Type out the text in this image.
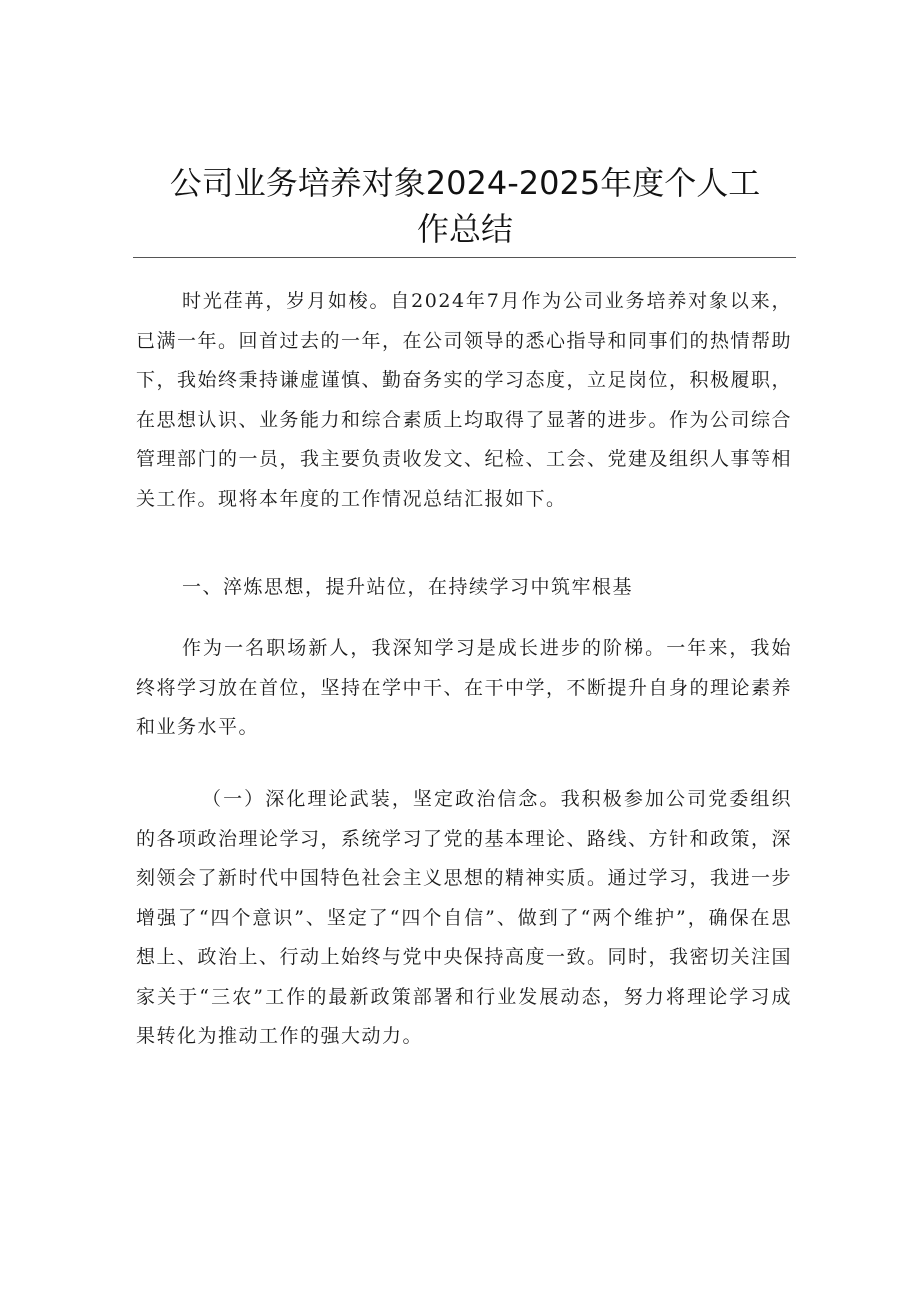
公司业务培养对象2024-2025年度个人工
作总结

时光荏苒，岁月如梭。自2024年7月作为公司业务培养对象以来，已满一年。回首过去的一年，在公司领导的悉心指导和同事们的热情帮助下，我始终秉持谦虚谨慎、勤奋务实的学习态度，立足岗位，积极履职，在思想认识、业务能力和综合素质上均取得了显著的进步。作为公司综合管理部门的一员，我主要负责收发文、纪检、工会、党建及组织人事等相关工作。现将本年度的工作情况总结汇报如下。

一、淬炼思想，提升站位，在持续学习中筑牢根基

作为一名职场新人，我深知学习是成长进步的阶梯。一年来，我始终将学习放在首位，坚持在学中干、在干中学，不断提升自身的理论素养和业务水平。

（一）深化理论武装，坚定政治信念。我积极参加公司党委组织的各项政治理论学习，系统学习了党的基本理论、路线、方针和政策，深刻领会了新时代中国特色社会主义思想的精神实质。通过学习，我进一步增强了“四个意识”、坚定了“四个自信”、做到了“两个维护”，确保在思想上、政治上、行动上始终与党中央保持高度一致。同时，我密切关注国家关于“三农”工作的最新政策部署和行业发展动态，努力将理论学习成果转化为推动工作的强大动力。
